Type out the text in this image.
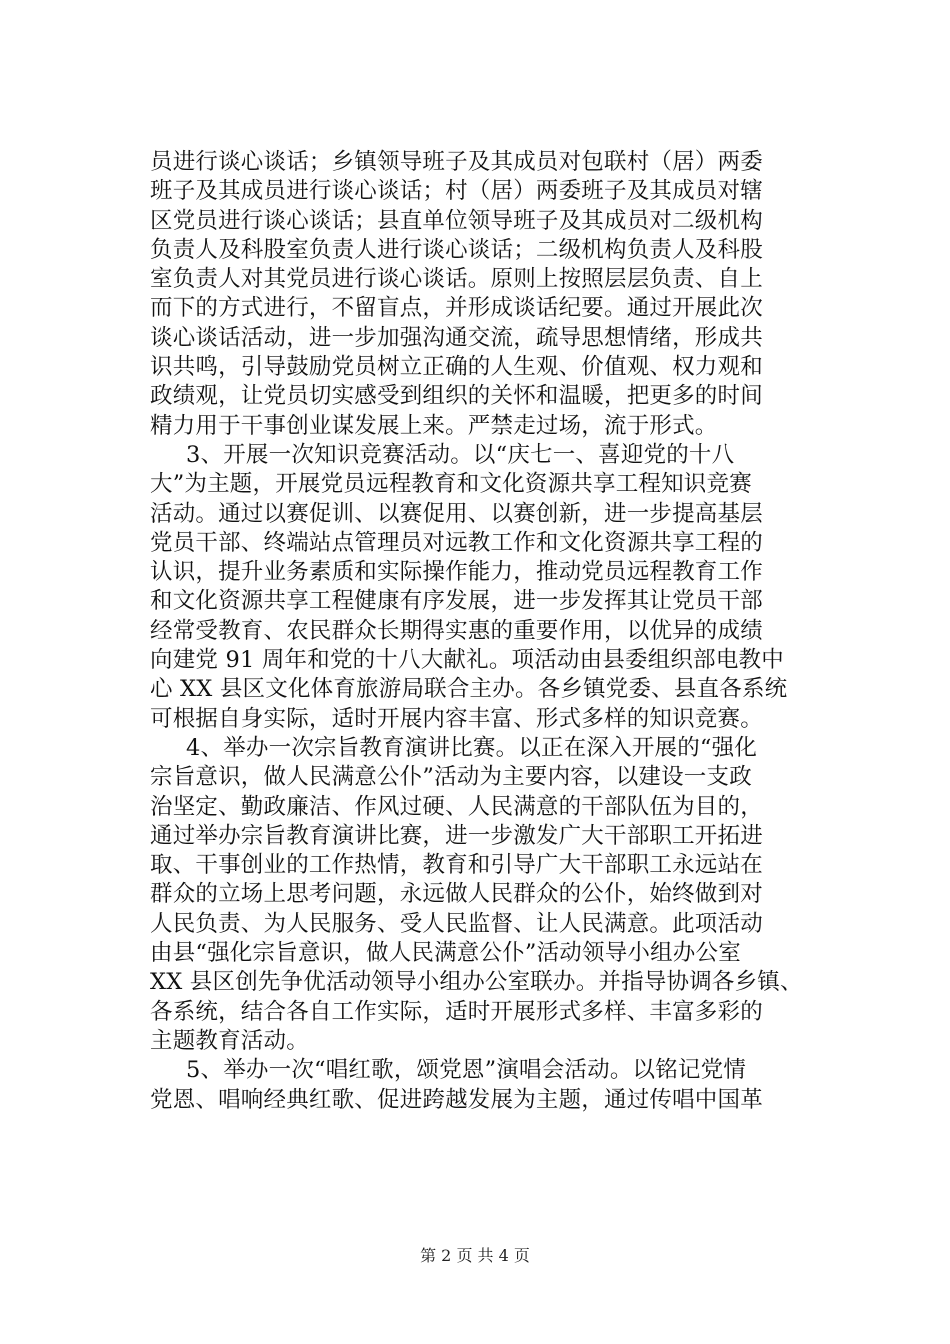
员进行谈心谈话；乡镇领导班子及其成员对包联村（居）两委
班子及其成员进行谈心谈话；村（居）两委班子及其成员对辖
区党员进行谈心谈话；县直单位领导班子及其成员对二级机构
负责人及科股室负责人进行谈心谈话；二级机构负责人及科股
室负责人对其党员进行谈心谈话。原则上按照层层负责、自上
而下的方式进行，不留盲点，并形成谈话纪要。通过开展此次
谈心谈话活动，进一步加强沟通交流，疏导思想情绪，形成共
识共鸣，引导鼓励党员树立正确的人生观、价值观、权力观和
政绩观，让党员切实感受到组织的关怀和温暖，把更多的时间
精力用于干事创业谋发展上来。严禁走过场，流于形式。
3、开展一次知识竞赛活动。以“庆七一、喜迎党的十八
大”为主题，开展党员远程教育和文化资源共享工程知识竞赛
活动。通过以赛促训、以赛促用、以赛创新，进一步提高基层
党员干部、终端站点管理员对远教工作和文化资源共享工程的
认识，提升业务素质和实际操作能力，推动党员远程教育工作
和文化资源共享工程健康有序发展，进一步发挥其让党员干部
经常受教育、农民群众长期得实惠的重要作用，以优异的成绩
向建党 91 周年和党的十八大献礼。项活动由县委组织部电教中
心 XX 县区文化体育旅游局联合主办。各乡镇党委、县直各系统
可根据自身实际，适时开展内容丰富、形式多样的知识竞赛。
4、举办一次宗旨教育演讲比赛。以正在深入开展的“强化
宗旨意识，做人民满意公仆”活动为主要内容，以建设一支政
治坚定、勤政廉洁、作风过硬、人民满意的干部队伍为目的，
通过举办宗旨教育演讲比赛，进一步激发广大干部职工开拓进
取、干事创业的工作热情，教育和引导广大干部职工永远站在
群众的立场上思考问题，永远做人民群众的公仆，始终做到对
人民负责、为人民服务、受人民监督、让人民满意。此项活动
由县“强化宗旨意识，做人民满意公仆”活动领导小组办公室
XX 县区创先争优活动领导小组办公室联办。并指导协调各乡镇、
各系统，结合各自工作实际，适时开展形式多样、丰富多彩的
主题教育活动。
5、举办一次“唱红歌，颂党恩”演唱会活动。以铭记党情
党恩、唱响经典红歌、促进跨越发展为主题，通过传唱中国革
第 2 页 共 4 页
